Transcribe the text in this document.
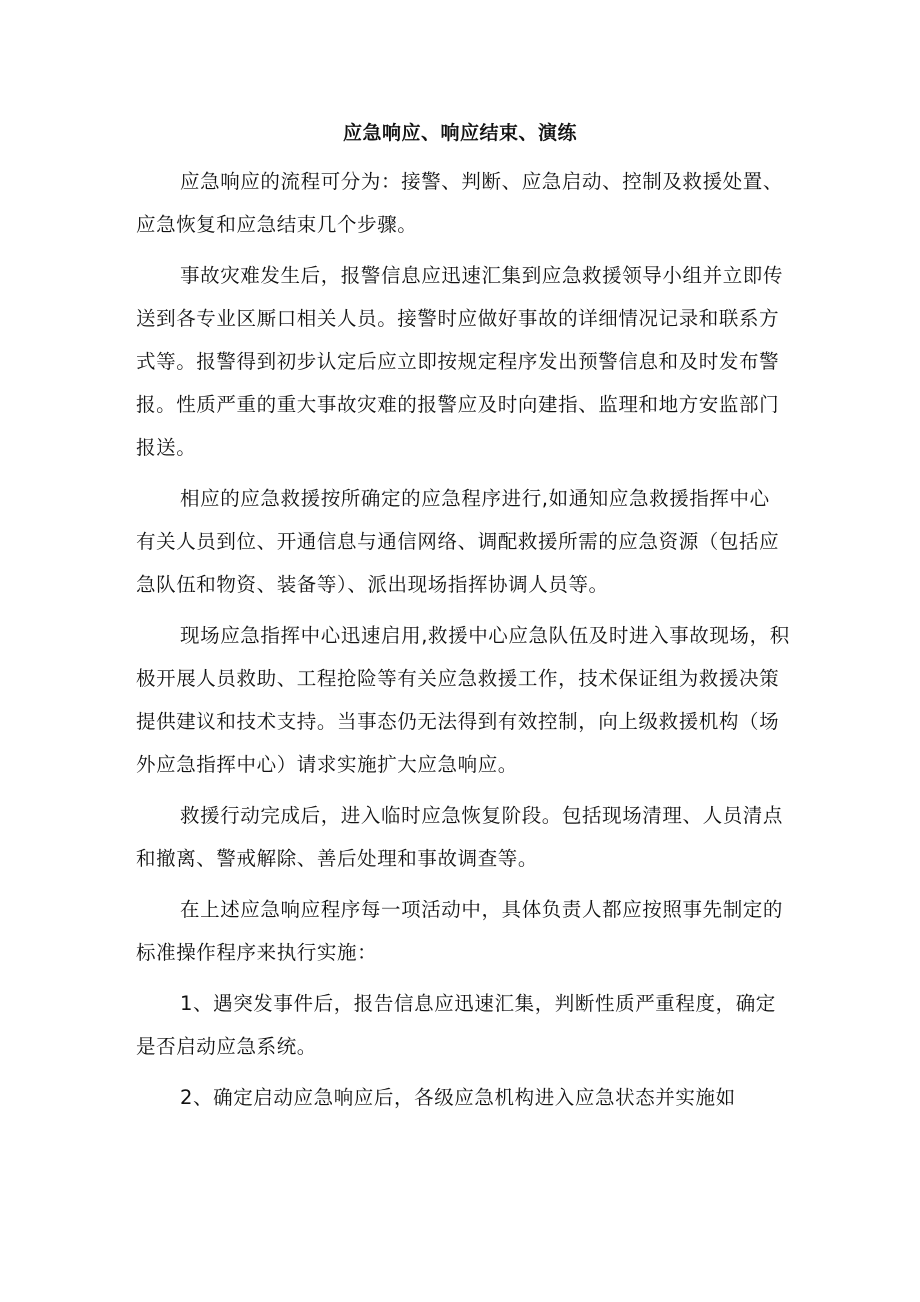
应急响应、响应结束、演练
应急响应的流程可分为：接警、判断、应急启动、控制及救援处置、
应急恢复和应急结束几个步骤。
事故灾难发生后，报警信息应迅速汇集到应急救援领导小组并立即传
送到各专业区厮口相关人员。接警时应做好事故的详细情况记录和联系方
式等。报警得到初步认定后应立即按规定程序发出预警信息和及时发布警
报。性质严重的重大事故灾难的报警应及时向建指、监理和地方安监部门
报送。
相应的应急救援按所确定的应急程序进行,如通知应急救援指挥中心
有关人员到位、开通信息与通信网络、调配救援所需的应急资源（包括应
急队伍和物资、装备等）、派出现场指挥协调人员等。
现场应急指挥中心迅速启用,救援中心应急队伍及时进入事故现场，积
极开展人员救助、工程抢险等有关应急救援工作，技术保证组为救援决策
提供建议和技术支持。当事态仍无法得到有效控制，向上级救援机构（场
外应急指挥中心）请求实施扩大应急响应。
救援行动完成后，进入临时应急恢复阶段。包括现场清理、人员清点
和撤离、警戒解除、善后处理和事故调查等。
在上述应急响应程序每一项活动中，具体负责人都应按照事先制定的
标准操作程序来执行实施：
1、遇突发事件后，报告信息应迅速汇集，判断性质严重程度，确定
是否启动应急系统。
2、确定启动应急响应后，各级应急机构进入应急状态并实施如
